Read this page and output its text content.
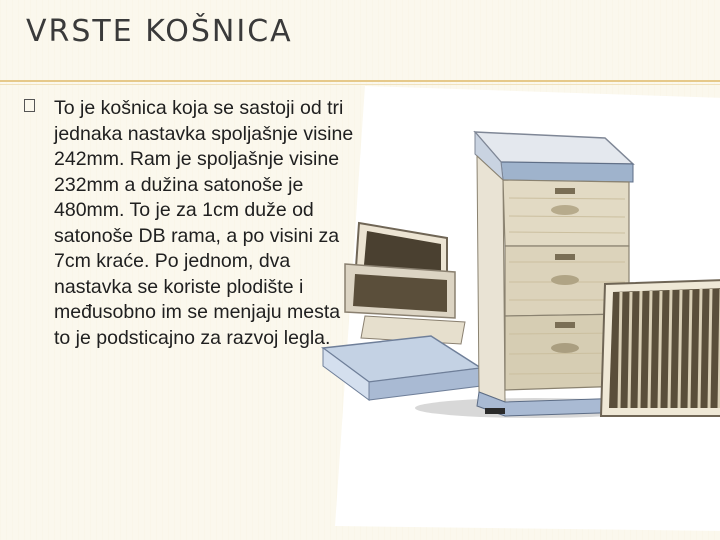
VRSTE KOŠNICA

To je košnica koja se sastoji od tri jednaka nastavka spoljašnje visine 242mm. Ram je spoljašnje visine 232mm a dužina satonoše je 480mm. To je za 1cm duže od satonoše DB rama, a po visini za 7cm kraće. Po jednom, dva nastavka se koriste plodište i međusobno im se menjaju mesta to je podsticajno za razvoj legla.
